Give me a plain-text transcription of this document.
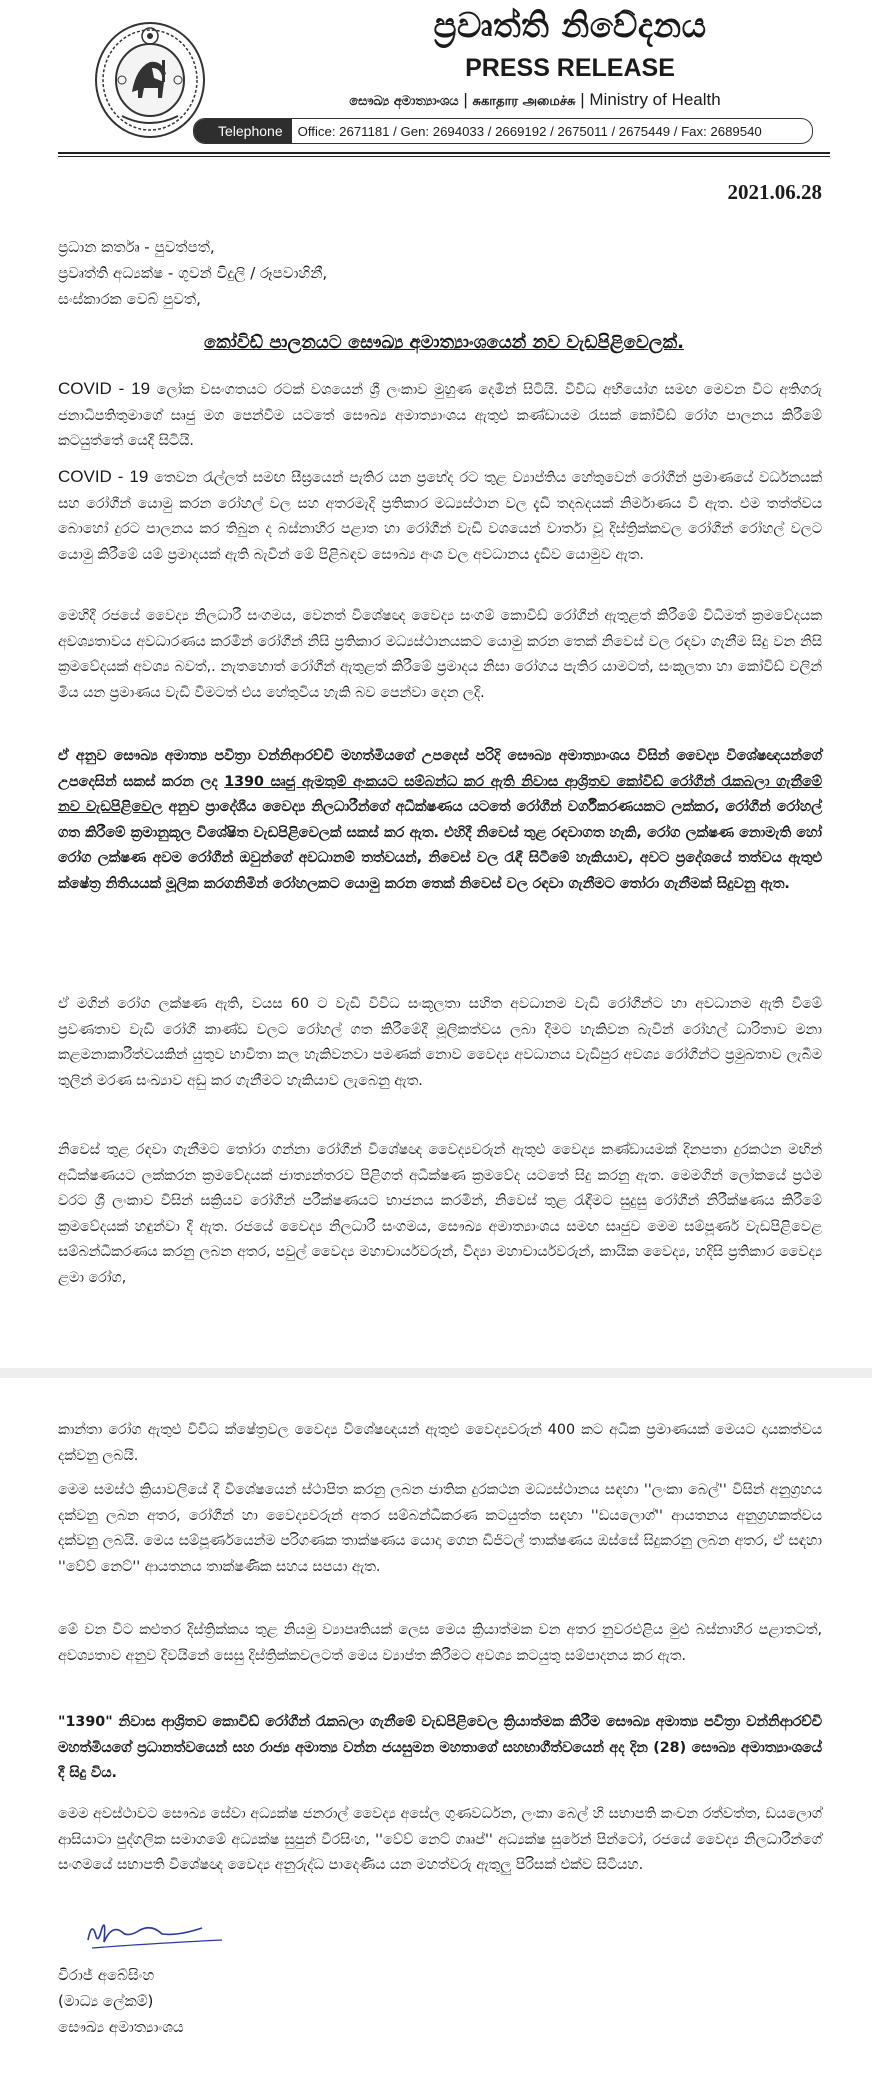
ප්‍රවෘත්ති නිවේදනය
PRESS RELEASE
සෞඛ්‍ය අමාත්‍යාංශය | சுகாதார அமைச்சு | Ministry of Health
Telephone	Office: 2671181 / Gen: 2694033 / 2669192 / 2675011 / 2675449 / Fax: 2689540
2021.06.28
ප්‍රධාන කර්තෘ - පුවත්පත්,
ප්‍රවෘත්ති අධ්‍යක්ෂ - ගුවන් විදුලි / රූපවාහිනී,
සංස්කාරක වෙබ් පුවත්,
කෝවිඩ් පාලනයට සෞඛ්‍ය අමාත්‍යාංශයෙන් නව වැඩපිළිවෙලක්.
COVID - 19 ලෝක වසංගතයට රටක් වශයෙන් ශ්‍රී ලංකාව මුහුණ දෙමින් සිටියි. විවිධ අභියෝග සමඟ මෙවන විට අතිගරු ජනාධිපතිතුමාගේ සෘජු මග පෙන්වීම යටතේ සෞඛ්‍ය අමාත්‍යාංශය ඇතුළු කණ්ඩායම රැසක් කෝවිඩ් රෝග පාලනය කිරීමේ කටයුත්තේ යෙදී සිටියි.
COVID - 19 තෙවන රැල්ලත් සමඟ සීඝ්‍රයෙන් පැතිර යන ප්‍රභේද රට තුළ ව්‍යාප්තිය හේතුවෙන් රෝගීන් ප්‍රමාණයේ වර්ධනයක් සහ රෝගීන් යොමු කරන රෝහල් වල සහ අතරමැදි ප්‍රතිකාර මධ්‍යස්ථාන වල දැඩි තදබදයක් නිර්මාණය වී ඇත. එම තත්ත්වය බොහෝ දුරට පාලනය කර තිබුන ද බස්නාහිර පළාත හා රෝගීන් වැඩි වශයෙන් වාර්තා වූ දිස්ත්‍රික්කවල රෝගීන් රෝහල් වලට යොමු කිරීමේ යම් ප්‍රමාදයක් ඇති බැවින් මේ පිළිබඳව සෞඛ්‍ය අංශ වල අවධානය දැඩිව යොමුව ඇත.
මෙහිදී රජයේ වෛද්‍ය නිලධාරී සංගමය, වෙනත් විශේෂඥ වෛද්‍ය සංගම් කොවිඩ් රෝගීන් ඇතුළත් කිරීමේ විධිමත් ක්‍රමවේදයක අවශ්‍යතාවය අවධාරණය කරමින් රෝගීන් නිසි ප්‍රතිකාර මධ්‍යස්ථානයකට යොමු කරන තෙක් නිවෙස් වල රඳවා ගැනීම සිදු වන නිසි ක්‍රමවේදයක් අවශ්‍ය බවත්,. නැතහොත් රෝගීන් ඇතුළත් කිරීමේ ප්‍රමාදය නිසා රෝගය පැතිර යාමටත්, සංකූලතා හා කෝවිඩ් වලින් මිය යන ප්‍රමාණය වැඩි වීමටත් එය හේතුවිය හැකි බව පෙන්වා දෙන ලදි.
ඒ අනුව සෞඛ්‍ය අමාත්‍ය පවිත්‍රා වන්නිආරච්චි මහත්මියගේ උපදෙස් පරිදි සෞඛ්‍ය අමාත්‍යාංශය විසින් වෛද්‍ය විශේෂඥයන්ගේ උපදෙසින් සකස් කරන ලද 1390 සෘජු ඇමතුම් අංකයට සම්බන්ධ කර ඇති නිවාස ආශ්‍රිතව කෝවිඩ් රෝගීන් රැකබලා ගැනීමේ නව වැඩපිළිවෙල අනුව ප්‍රාදේශීය වෛද්‍ය නිලධාරීන්ගේ අධීක්ෂණය යටතේ රෝගීන් වර්ගීකරණයකට ලක්කර, රෝගීන් රෝහල් ගත කිරීමේ ක්‍රමානුකූල විශේෂිත වැඩපිළිවෙලක් සකස් කර ඇත. එහිදී නිවෙස් තුළ රඳවාගත හැකි, රෝග ලක්ෂණ නොමැති හෝ රෝග ලක්ෂණ අවම රෝගීන් ඔවුන්ගේ අවධානම් තත්වයන්, නිවෙස් වල රැඳී සිටීමේ හැකියාව, අවට ප්‍රදේශයේ තත්වය ඇතුළු ක්ෂේත්‍ර නිතියයක් මූලික කරගනිමින් රෝහලකට යොමු කරන තෙක් නිවෙස් වල රඳවා ගැනීමට තෝරා ගැනීමක් සිදුවනු ඇත.
ඒ මගින් රෝග ලක්ෂණ ඇති, වයස 60 ට වැඩි විවිධ සංකූලතා සහිත අවධානම වැඩි රෝගීන්ට හා අවධානම ඇති වීමේ ප්‍රවණතාව වැඩි රෝගී කාණ්ඩ වලට රෝහල් ගත කිරීමේදී මූලිකත්වය ලබා දීමට හැකිවන බැවින් රෝහල් ධාරිතාව මනා කළමනාකාරීත්වයකින් යුතුව භාවිතා කල හැකිවනවා පමණක් නොව වෛද්‍ය අවධානය වැඩිපුර අවශ්‍ය රෝගීන්ට ප්‍රමුඛතාව ලැබීම තුලින් මරණ සංඛ්‍යාව අඩු කර ගැනීමට හැකියාව ලැබෙනු ඇත.
නිවෙස් තුළ රඳවා ගැනීමට තෝරා ගන්නා රෝගීන් විශේෂඥ වෛද්‍යවරුන් ඇතුළු වෛද්‍ය කණ්ඩායමක් දිනපතා දුරකථන මඟින් අධීක්ෂණයට ලක්කරන ක්‍රමවේදයක් ජාත්‍යන්තරව පිළිගත් අධීක්ෂණ ක්‍රමවේද යටතේ සිදු කරනු ඇත. මෙමගින් ලෝකයේ ප්‍රථම වරට ශ්‍රී ලංකාව විසින් සක්‍රියව රෝගීන් පරීක්ෂණයට භාජනය කරමින්, නිවෙස් තුළ රැඳීමට සුදුසු රෝගීන් නිරීක්ෂණය කිරීමේ ක්‍රමවේදයක් හඳුන්වා දී ඇත. රජයේ වෛද්‍ය නිලධාරී සංගමය, සෞඛ්‍ය අමාත්‍යාංශය සමඟ සෘජුව මෙම සම්පූර්ණ වැඩපිළිවෙළ සම්බන්ධීකරණය කරනු ලබන අතර, පවුල් වෛද්‍ය මහාචාර්යවරුන්, විද්‍යා මහාචාර්යවරුන්, කායික වෛද්‍ය, හදිසි ප්‍රතිකාර වෛද්‍ය ළමා රෝග,
කාන්තා රෝග ඇතුළු විවිධ ක්ෂේත්‍රවල වෛද්‍ය විශේෂඥයන් ඇතුළු වෛද්‍යවරුන් 400 කට අධික ප්‍රමාණයක් මෙයට දායකත්වය දක්වනු ලබයි.
මෙම සමස්ථ ක්‍රියාවලියේ දී විශේෂයෙන් ස්ථාපිත කරනු ලබන ජාතික දුරකථන මධ්‍යස්ථානය සඳහා ''ලංකා බෙල්'' විසින් අනුග්‍රහය දක්වනු ලබන අතර, රෝගීන් හා වෛද්‍යවරුන් අතර සම්බන්ධීකරණ කටයුත්ත සඳහා ''ඩයලොග්'' ආයතනය අනුග්‍රහකත්වය දක්වනු ලබයි. මෙය සම්පූර්ණයෙන්ම පරිගණක තාක්ෂණය යොදා ගෙන ඩිජිටල් තාක්ෂණය ඔස්සේ සිදුකරනු ලබන අතර, ඒ සඳහා ''වේව් නෙට්'' ආයතනය තාක්ෂණික සහය සපයා ඇත.
මේ වන විට කළුතර දිස්ත්‍රික්කය තුළ නියමු ව්‍යාපෘතියක් ලෙස මෙය ක්‍රියාත්මක වන අතර නුවරඑළිය මුළු බස්නාහිර පළාතටත්, අවශ්‍යතාව අනුව දිවයිනේ සෙසු දිස්ත්‍රික්කවලටත් මෙය ව්‍යාප්ත කිරීමට අවශ්‍ය කටයුතු සම්පාදනය කර ඇත.
"1390" නිවාස ආශ්‍රිතව කොවිඩ් රෝගීන් රැකබලා ගැනීමේ වැඩපිළිවෙල ක්‍රියාත්මක කිරීම සෞඛ්‍ය අමාත්‍ය පවිත්‍රා වන්නිආරච්චි මහත්මියගේ ප්‍රධානත්වයෙන් සහ රාජ්‍ය අමාත්‍ය වන්න ජයසුමන මහතාගේ සහභාගීත්වයෙන් අද දින (28) සෞඛ්‍ය අමාත්‍යාංශයේ දී සිදු විය.
මෙම අවස්ථාවට සෞඛ්‍ය සේවා අධ්‍යක්ෂ ජනරාල් වෛද්‍ය අසේල ගුණවර්ධන, ලංකා බෙල් හි සභාපති කංචන රත්වත්ත, ඩයලොග් ආසියාටා පුද්ගලික සමාගමේ අධ්‍යක්ෂ සුපුන් වීරසිංහ, ''වේව් නෙට් ගෲප්'' අධ්‍යක්ෂ සුරේන් පින්ටෝ, රජයේ වෛද්‍ය නිලධාරීන්ගේ සංගමයේ සභාපති විශේෂඥ වෛද්‍ය අනුරුද්ධ පාදෙණිය යන මහත්වරු ඇතුලු පිරිසක් එක්ව සිටියහ.
විරාජ් අබේසිංහ
(මාධ්‍ය ලේකම්)
සෞඛ්‍ය අමාත්‍යාංශය
